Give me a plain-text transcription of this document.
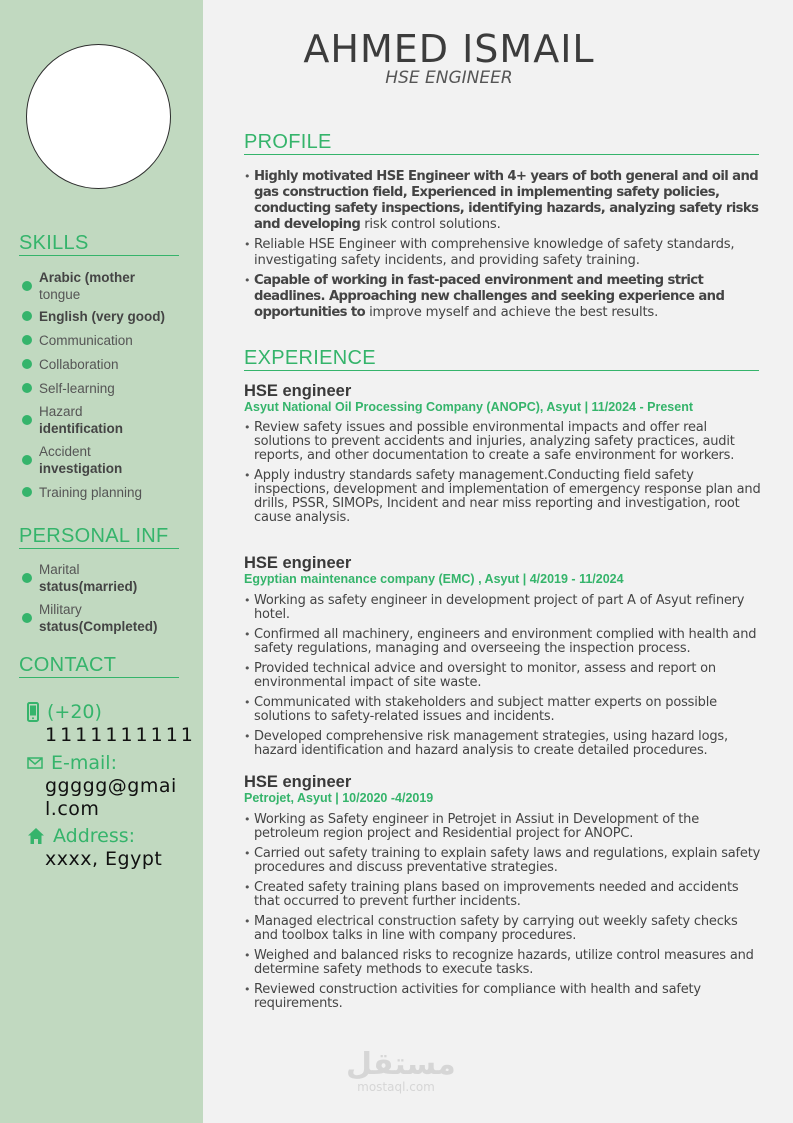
SKILLS
Arabic (mother
tongue
English (very good)
Communication
Collaboration
Self-learning
Hazard
identification
Accident
investigation
Training planning
PERSONAL INF
Marital
status(married)
Military
status(Completed)
CONTACT
(+20)
1111111111
E-mail:
ggggg@gmail.com
Address:
xxxx, Egypt
AHMED ISMAIL
HSE ENGINEER
PROFILE
• Highly motivated HSE Engineer with 4+ years of both general and oil and gas construction field, Experienced in implementing safety policies, conducting safety inspections, identifying hazards, analyzing safety risks and developing risk control solutions.
• Reliable HSE Engineer with comprehensive knowledge of safety standards, investigating safety incidents, and providing safety training.
• Capable of working in fast-paced environment and meeting strict deadlines. Approaching new challenges and seeking experience and opportunities to improve myself and achieve the best results.
EXPERIENCE
HSE engineer
Asyut National Oil Processing Company (ANOPC), Asyut | 11/2024 - Present
• Review safety issues and possible environmental impacts and offer real solutions to prevent accidents and injuries, analyzing safety practices, audit reports, and other documentation to create a safe environment for workers.
• Apply industry standards safety management.Conducting field safety inspections, development and implementation of emergency response plan and drills, PSSR, SIMOPs, Incident and near miss reporting and investigation, root cause analysis.
HSE engineer
Egyptian maintenance company (EMC) , Asyut | 4/2019 - 11/2024
• Working as safety engineer in development project of part A of Asyut refinery hotel.
• Confirmed all machinery, engineers and environment complied with health and safety regulations, managing and overseeing the inspection process.
• Provided technical advice and oversight to monitor, assess and report on environmental impact of site waste.
• Communicated with stakeholders and subject matter experts on possible solutions to safety-related issues and incidents.
• Developed comprehensive risk management strategies, using hazard logs, hazard identification and hazard analysis to create detailed procedures.
HSE engineer
Petrojet, Asyut | 10/2020 -4/2019
• Working as Safety engineer in Petrojet in Assiut in Development of the petroleum region project and Residential project for ANOPC.
• Carried out safety training to explain safety laws and regulations, explain safety procedures and discuss preventative strategies.
• Created safety training plans based on improvements needed and accidents that occurred to prevent further incidents.
• Managed electrical construction safety by carrying out weekly safety checks and toolbox talks in line with company procedures.
• Weighed and balanced risks to recognize hazards, utilize control measures and determine safety methods to execute tasks.
• Reviewed construction activities for compliance with health and safety requirements.
مستقل
mostaql.com
